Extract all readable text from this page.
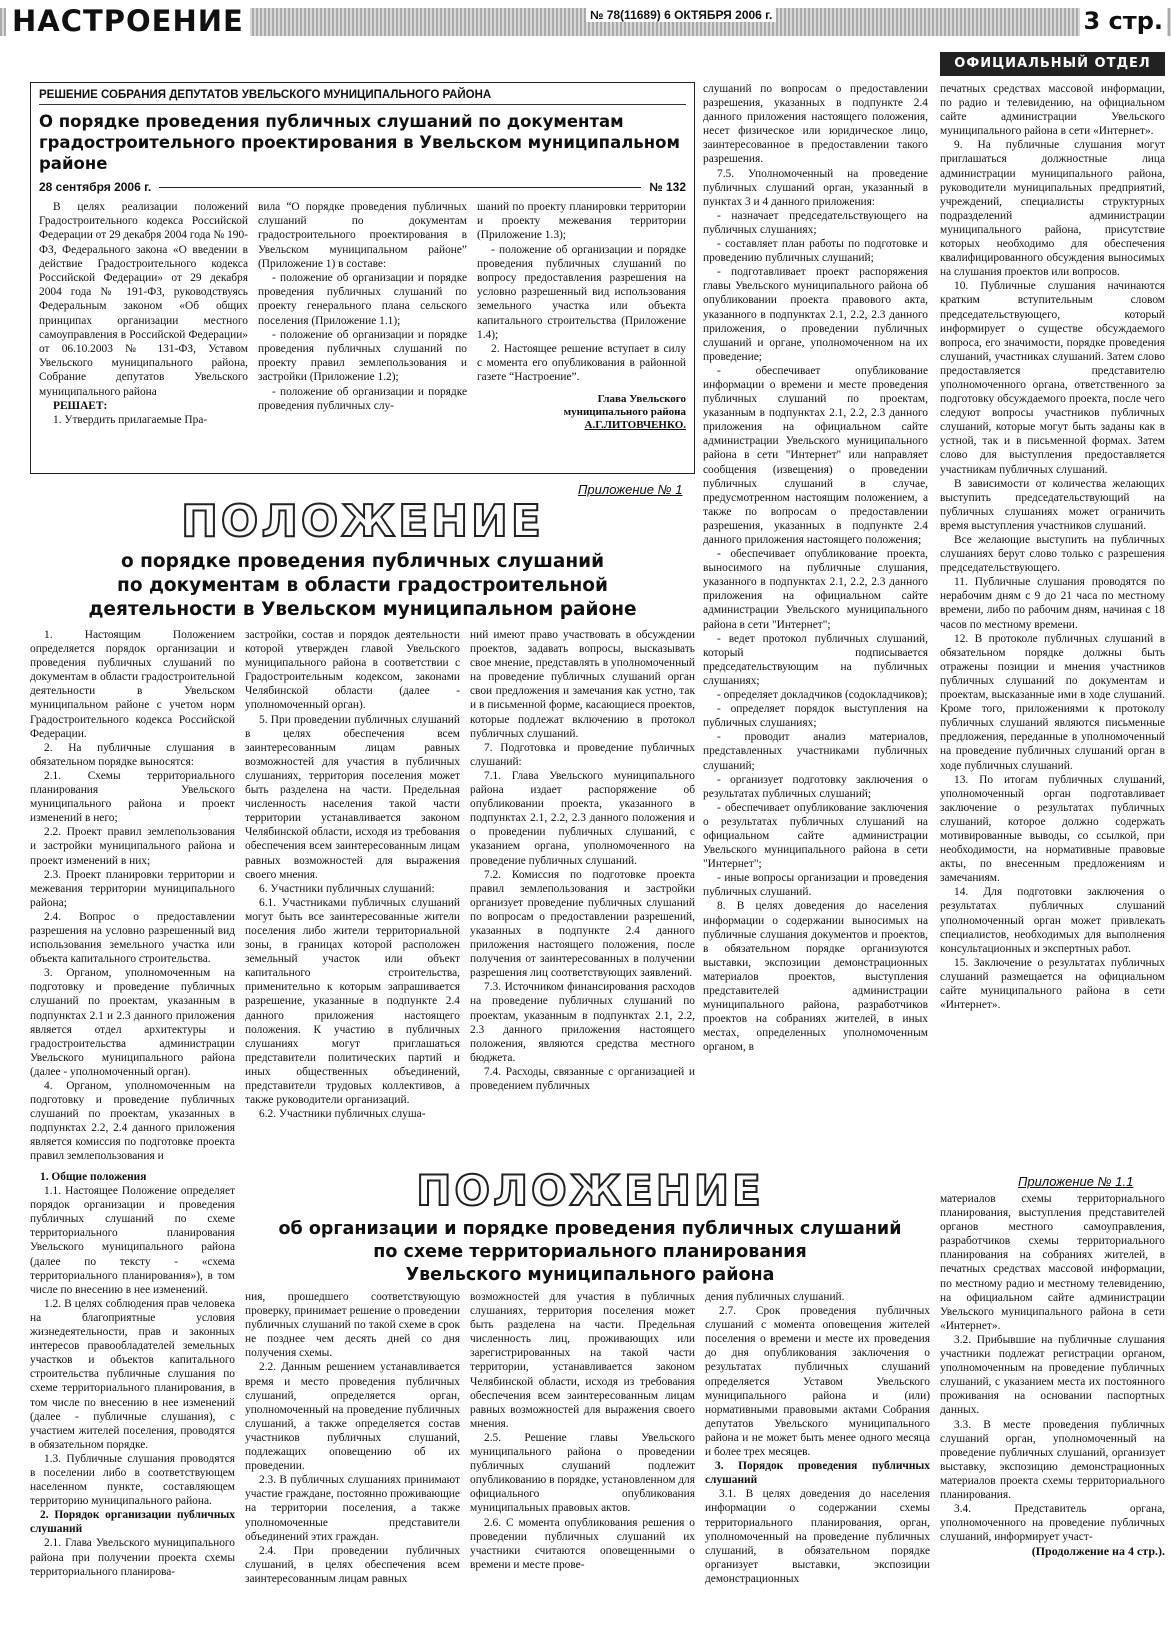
НАСТРОЕНИЕ	№ 78(11689) 6 ОКТЯБРЯ 2006 г.	3 стр.
ОФИЦИАЛЬНЫЙ ОТДЕЛ
РЕШЕНИЕ СОБРАНИЯ ДЕПУТАТОВ УВЕЛЬСКОГО МУНИЦИПАЛЬНОГО РАЙОНА
О порядке проведения публичных слушаний по документам градостроительного проектирования в Увельском муниципальном районе
28 сентября 2006 г.	№ 132

В целях реализации положений Градостроительного кодекса Российской Федерации от 29 декабря 2004 года № 190-ФЗ, Федерального закона «О введении в действие Градостроительного кодекса Российской Федерации» от 29 декабря 2004 года № 191-ФЗ, руководствуясь Федеральным законом «Об общих принципах организации местного самоуправления в Российской Федерации» от 06.10.2003 № 131-ФЗ, Уставом Увельского муниципального района, Собрание депутатов Увельского муниципального района

РЕШАЕТ:

1. Утвердить прилагаемые Пра-

вила “О порядке проведения публичных слушаний по документам градостроительного проектирования в Увельском муниципальном районе” (Приложение 1) в составе:

- положение об организации и порядке проведения публичных слушаний по проекту генерального плана сельского поселения (Приложение 1.1);

- положение об организации и порядке проведения публичных слушаний по проекту правил землепользования и застройки (Приложение 1.2);

- положение об организации и порядке проведения публичных слу-

шаний по проекту планировки территории и проекту межевания территории (Приложение 1.3);

- положение об организации и порядке проведения публичных слушаний по вопросу предоставления разрешения на условно разрешенный вид использования земельного участка или объекта капитального строительства (Приложение 1.4);

2. Настоящее решение вступает в силу с момента его опубликования в районной газете “Настроение”.

Глава Увельского
муниципального района
А.Г.ЛИТОВЧЕНКО.

слушаний по вопросам о предоставлении разрешения, указанных в подпункте 2.4 данного приложения настоящего положения, несет физическое или юридическое лицо, заинтересованное в предоставлении такого разрешения.

7.5. Уполномоченный на проведение публичных слушаний орган, указанный в пунктах 3 и 4 данного приложения:

- назначает председательствующего на публичных слушаниях;

- составляет план работы по подготовке и проведению публичных слушаний;

- подготавливает проект распоряжения главы Увельского муниципального района об опубликовании проекта правового акта, указанного в подпунктах 2.1, 2.2, 2.3 данного приложения, о проведении публичных слушаний и органе, уполномоченном на их проведение;

- обеспечивает опубликование информации о времени и месте проведения публичных слушаний по проектам, указанным в подпунктах 2.1, 2.2, 2.3 данного приложения на официальном сайте администрации Увельского муниципального района в сети "Интернет" или направляет сообщения (извещения) о проведении публичных слушаний в случае, предусмотренном настоящим положением, а также по вопросам о предоставлении разрешения, указанных в подпункте 2.4 данного приложения настоящего положения;

- обеспечивает опубликование проекта, выносимого на публичные слушания, указанного в подпунктах 2.1, 2.2, 2.3 данного приложения на официальном сайте администрации Увельского муниципального района в сети "Интернет";

- ведет протокол публичных слушаний, который подписывается председательствующим на публичных слушаниях;

- определяет докладчиков (содокладчиков);

- определяет порядок выступления на публичных слушаниях;

- проводит анализ материалов, представленных участниками публичных слушаний;

- организует подготовку заключения о результатах публичных слушаний;

- обеспечивает опубликование заключения о результатах публичных слушаний на официальном сайте администрации Увельского муниципального района в сети "Интернет";

- иные вопросы организации и проведения публичных слушаний.

8. В целях доведения до населения информации о содержании выносимых на публичные слушания документов и проектов, в обязательном порядке организуются выставки, экспозиции демонстрационных материалов проектов, выступления представителей администрации муниципального района, разработчиков проектов на собраниях жителей, в иных местах, определенных уполномоченным органом, в

печатных средствах массовой информации, по радио и телевидению, на официальном сайте администрации Увельского муниципального района в сети «Интернет».

9. На публичные слушания могут приглашаться должностные лица администрации муниципального района, руководители муниципальных предприятий, учреждений, специалисты структурных подразделений администрации муниципального района, присутствие которых необходимо для обеспечения квалифицированного обсуждения выносимых на слушания проектов или вопросов.

10. Публичные слушания начинаются кратким вступительным словом председательствующего, который информирует о существе обсуждаемого вопроса, его значимости, порядке проведения слушаний, участниках слушаний. Затем слово предоставляется представителю уполномоченного органа, ответственного за подготовку обсуждаемого проекта, после чего следуют вопросы участников публичных слушаний, которые могут быть заданы как в устной, так и в письменной формах. Затем слово для выступления предоставляется участникам публичных слушаний.

В зависимости от количества желающих выступить председательствующий на публичных слушаниях может ограничить время выступления участников слушаний.

Все желающие выступить на публичных слушаниях берут слово только с разрешения председательствующего.

11. Публичные слушания проводятся по нерабочим дням с 9 до 21 часа по местному времени, либо по рабочим дням, начиная с 18 часов по местному времени.

12. В протоколе публичных слушаний в обязательном порядке должны быть отражены позиции и мнения участников публичных слушаний по документам и проектам, высказанные ими в ходе слушаний. Кроме того, приложениями к протоколу публичных слушаний являются письменные предложения, переданные в уполномоченный на проведение публичных слушаний орган в ходе публичных слушаний.

13. По итогам публичных слушаний, уполномоченный орган подготавливает заключение о результатах публичных слушаний, которое должно содержать мотивированные выводы, со ссылкой, при необходимости, на нормативные правовые акты, по внесенным предложениям и замечаниям.

14. Для подготовки заключения о результатах публичных слушаний уполномоченный орган может привлекать специалистов, необходимых для выполнения консультационных и экспертных работ.

15. Заключение о результатах публичных слушаний размещается на официальном сайте муниципального района в сети «Интернет».

Приложение № 1
ПОЛОЖЕНИЕ
о порядке проведения публичных слушаний
по документам в области градостроительной
деятельности в Увельском муниципальном районе

1. Настоящим Положением определяется порядок организации и проведения публичных слушаний по документам в области градостроительной деятельности в Увельском муниципальном районе с учетом норм Градостроительного кодекса Российской Федерации.

2. На публичные слушания в обязательном порядке выносятся:

2.1. Схемы территориального планирования Увельского муниципального района и проект изменений в него;

2.2. Проект правил землепользования и застройки муниципального района и проект изменений в них;

2.3. Проект планировки территории и межевания территории муниципального района;

2.4. Вопрос о предоставлении разрешения на условно разрешенный вид использования земельного участка или объекта капитального строительства.

3. Органом, уполномоченным на подготовку и проведение публичных слушаний по проектам, указанным в подпунктах 2.1 и 2.3 данного приложения является отдел архитектуры и градостроительства администрации Увельского муниципального района (далее - уполномоченный орган).

4. Органом, уполномоченным на подготовку и проведение публичных слушаний по проектам, указанных в подпунктах 2.2, 2.4 данного приложения является комиссия по подготовке проекта правил землепользования и

застройки, состав и порядок деятельности которой утвержден главой Увельского муниципального района в соответствии с Градостроительным кодексом, законами Челябинской области (далее - уполномоченный орган).

5. При проведении публичных слушаний в целях обеспечения всем заинтересованным лицам равных возможностей для участия в публичных слушаниях, территория поселения может быть разделена на части. Предельная численность населения такой части территории устанавливается законом Челябинской области, исходя из требования обеспечения всем заинтересованным лицам равных возможностей для выражения своего мнения.

6. Участники публичных слушаний:

6.1. Участниками публичных слушаний могут быть все заинтересованные жители поселения либо жители территориальной зоны, в границах которой расположен земельный участок или объект капитального строительства, применительно к которым запрашивается разрешение, указанные в подпункте 2.4 данного приложения настоящего положения. К участию в публичных слушаниях могут приглашаться представители политических партий и иных общественных объединений, представители трудовых коллективов, а также руководители организаций.

6.2. Участники публичных слуша-

ний имеют право участвовать в обсуждении проектов, задавать вопросы, высказывать свое мнение, представлять в уполномоченный на проведение публичных слушаний орган свои предложения и замечания как устно, так и в письменной форме, касающиеся проектов, которые подлежат включению в протокол публичных слушаний.

7. Подготовка и проведение публичных слушаний:

7.1. Глава Увельского муниципального района издает распоряжение об опубликовании проекта, указанного в подпунктах 2.1, 2.2, 2.3 данного положения и о проведении публичных слушаний, с указанием органа, уполномоченного на проведение публичных слушаний.

7.2. Комиссия по подготовке проекта правил землепользования и застройки организует проведение публичных слушаний по вопросам о предоставлении разрешений, указанных в подпункте 2.4 данного приложения настоящего положения, после получения от заинтересованных в получении разрешения лиц соответствующих заявлений.

7.3. Источником финансирования расходов на проведение публичных слушаний по проектам, указанным в подпунктах 2.1, 2.2, 2.3 данного приложения настоящего положения, являются средства местного бюджета.

7.4. Расходы, связанные с организацией и проведением публичных

Приложение № 1.1
ПОЛОЖЕНИЕ
об организации и порядке проведения публичных слушаний
по схеме территориального планирования
Увельского муниципального района

1. Общие положения

1.1. Настоящее Положение определяет порядок организации и проведения публичных слушаний по схеме территориального планирования Увельского муниципального района (далее по тексту - «схема территориального планирования»), в том числе по внесению в нее изменений.

1.2. В целях соблюдения прав человека на благоприятные условия жизнедеятельности, прав и законных интересов правообладателей земельных участков и объектов капитального строительства публичные слушания по схеме территориального планирования, в том числе по внесению в нее изменений (далее - публичные слушания), с участием жителей поселения, проводятся в обязательном порядке.

1.3. Публичные слушания проводятся в поселении либо в соответствующем населенном пункте, составляющем территорию муниципального района.

2. Порядок организации публичных слушаний

2.1. Глава Увельского муниципального района при получении проекта схемы территориального планирова-

ния, прошедшего соответствующую проверку, принимает решение о проведении публичных слушаний по такой схеме в срок не позднее чем десять дней со дня получения схемы.

2.2. Данным решением устанавливается время и место проведения публичных слушаний, определяется орган, уполномоченный на проведение публичных слушаний, а также определяется состав участников публичных слушаний, подлежащих оповещению об их проведении.

2.3. В публичных слушаниях принимают участие граждане, постоянно проживающие на территории поселения, а также уполномоченные представители объединений этих граждан.

2.4. При проведении публичных слушаний, в целях обеспечения всем заинтересованным лицам равных

возможностей для участия в публичных слушаниях, территория поселения может быть разделена на части. Предельная численность лиц, проживающих или зарегистрированных на такой части территории, устанавливается законом Челябинской области, исходя из требования обеспечения всем заинтересованным лицам равных возможностей для выражения своего мнения.

2.5. Решение главы Увельского муниципального района о проведении публичных слушаний подлежит опубликованию в порядке, установленном для официального опубликования муниципальных правовых актов.

2.6. С момента опубликования решения о проведении публичных слушаний их участники считаются оповещенными о времени и месте прове-

дения публичных слушаний.

2.7. Срок проведения публичных слушаний с момента оповещения жителей поселения о времени и месте их проведения до дня опубликования заключения о результатах публичных слушаний определяется Уставом Увельского муниципального района и (или) нормативными правовыми актами Собрания депутатов Увельского муниципального района и не может быть менее одного месяца и более трех месяцев.

3. Порядок проведения публичных слушаний

3.1. В целях доведения до населения информации о содержании схемы территориального планирования, орган, уполномоченный на проведение публичных слушаний, в обязательном порядке организует выставки, экспозиции демонстрационных

материалов схемы территориального планирования, выступления представителей органов местного самоуправления, разработчиков схемы территориального планирования на собраниях жителей, в печатных средствах массовой информации, по местному радио и местному телевидению, на официальном сайте администрации Увельского муниципального района в сети «Интернет».

3.2. Прибывшие на публичные слушания участники подлежат регистрации органом, уполномоченным на проведение публичных слушаний, с указанием места их постоянного проживания на основании паспортных данных.

3.3. В месте проведения публичных слушаний орган, уполномоченный на проведение публичных слушаний, организует выставку, экспозицию демонстрационных материалов проекта схемы территориального планирования.

3.4. Представитель органа, уполномоченного на проведение публичных слушаний, информирует участ-

(Продолжение на 4 стр.).
